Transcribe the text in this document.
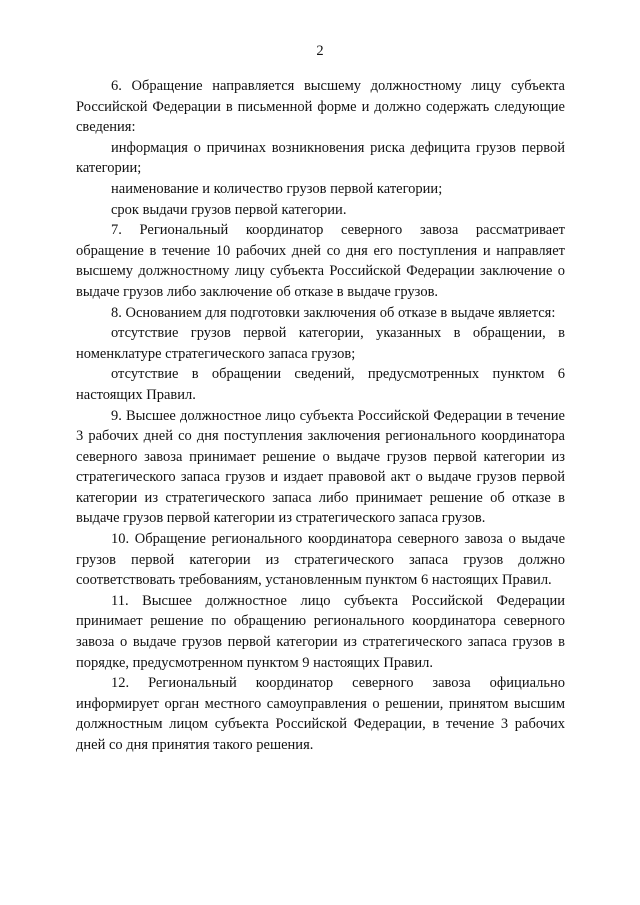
2

6. Обращение направляется высшему должностному лицу субъекта Российской Федерации в письменной форме и должно содержать следующие сведения:

информация о причинах возникновения риска дефицита грузов первой категории;

наименование и количество грузов первой категории;

срок выдачи грузов первой категории.

7. Региональный координатор северного завоза рассматривает обращение в течение 10 рабочих дней со дня его поступления и направляет высшему должностному лицу субъекта Российской Федерации заключение о выдаче грузов либо заключение об отказе в выдаче грузов.

8. Основанием для подготовки заключения об отказе в выдаче является:

отсутствие грузов первой категории, указанных в обращении, в номенклатуре стратегического запаса грузов;

отсутствие в обращении сведений, предусмотренных пунктом 6 настоящих Правил.

9. Высшее должностное лицо субъекта Российской Федерации в течение 3 рабочих дней со дня поступления заключения регионального координатора северного завоза принимает решение о выдаче грузов первой категории из стратегического запаса грузов и издает правовой акт о выдаче грузов первой категории из стратегического запаса либо принимает решение об отказе в выдаче грузов первой категории из стратегического запаса грузов.

10. Обращение регионального координатора северного завоза о выдаче грузов первой категории из стратегического запаса грузов должно соответствовать требованиям, установленным пунктом 6 настоящих Правил.

11. Высшее должностное лицо субъекта Российской Федерации принимает решение по обращению регионального координатора северного завоза о выдаче грузов первой категории из стратегического запаса грузов в порядке, предусмотренном пунктом 9 настоящих Правил.

12. Региональный координатор северного завоза официально информирует орган местного самоуправления о решении, принятом высшим должностным лицом субъекта Российской Федерации, в течение 3 рабочих дней со дня принятия такого решения.
